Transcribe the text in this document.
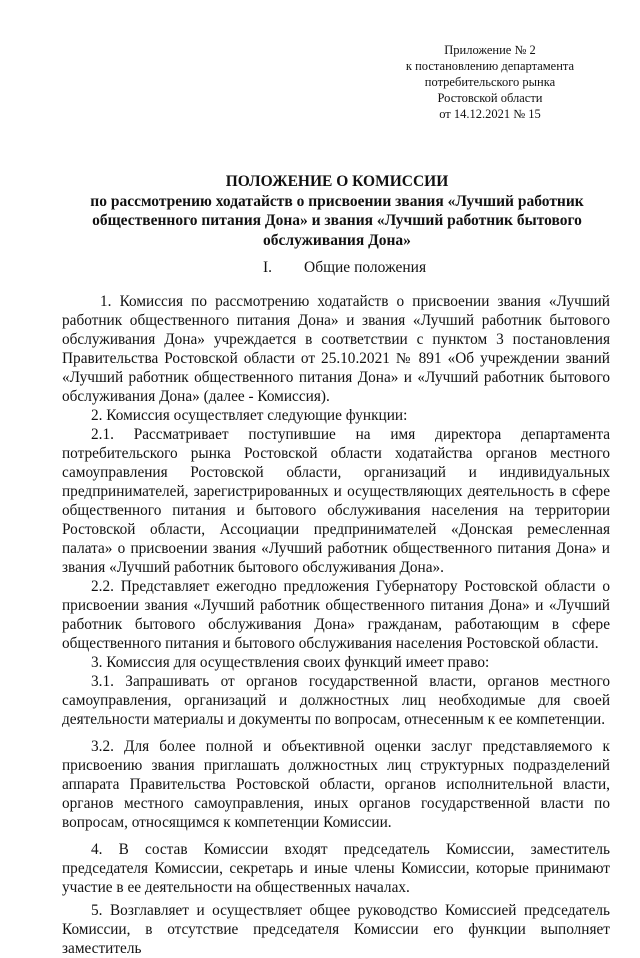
Приложение № 2
к постановлению департамента
потребительского рынка
Ростовской области
от 14.12.2021 № 15
ПОЛОЖЕНИЕ О КОМИССИИ
по рассмотрению ходатайств о присвоении звания «Лучший работник
общественного питания Дона» и звания «Лучший работник бытового
обслуживания Дона»
I. Общие положения

1. Комиссия по рассмотрению ходатайств о присвоении звания «Лучший работник общественного питания Дона» и звания «Лучший работник бытового обслуживания Дона» учреждается в соответствии с пунктом 3 постановления Правительства Ростовской области от 25.10.2021 № 891 «Об учреждении званий «Лучший работник общественного питания Дона» и «Лучший работник бытового обслуживания Дона» (далее - Комиссия).

2. Комиссия осуществляет следующие функции:

2.1. Рассматривает поступившие на имя директора департамента потребительского рынка Ростовской области ходатайства органов местного самоуправления Ростовской области, организаций и индивидуальных предпринимателей, зарегистрированных и осуществляющих деятельность в сфере общественного питания и бытового обслуживания населения на территории Ростовской области, Ассоциации предпринимателей «Донская ремесленная палата» о присвоении звания «Лучший работник общественного питания Дона» и звания «Лучший работник бытового обслуживания Дона».

2.2. Представляет ежегодно предложения Губернатору Ростовской области о присвоении звания «Лучший работник общественного питания Дона» и «Лучший работник бытового обслуживания Дона» гражданам, работающим в сфере общественного питания и бытового обслуживания населения Ростовской области.

3. Комиссия для осуществления своих функций имеет право:

3.1. Запрашивать от органов государственной власти, органов местного самоуправления, организаций и должностных лиц необходимые для своей деятельности материалы и документы по вопросам, отнесенным к ее компетенции.

3.2. Для более полной и объективной оценки заслуг представляемого к присвоению звания приглашать должностных лиц структурных подразделений аппарата Правительства Ростовской области, органов исполнительной власти, органов местного самоуправления, иных органов государственной власти по вопросам, относящимся к компетенции Комиссии.

4. В состав Комиссии входят председатель Комиссии, заместитель председателя Комиссии, секретарь и иные члены Комиссии, которые принимают участие в ее деятельности на общественных началах.

5. Возглавляет и осуществляет общее руководство Комиссией председатель Комиссии, в отсутствие председателя Комиссии его функции выполняет заместитель
